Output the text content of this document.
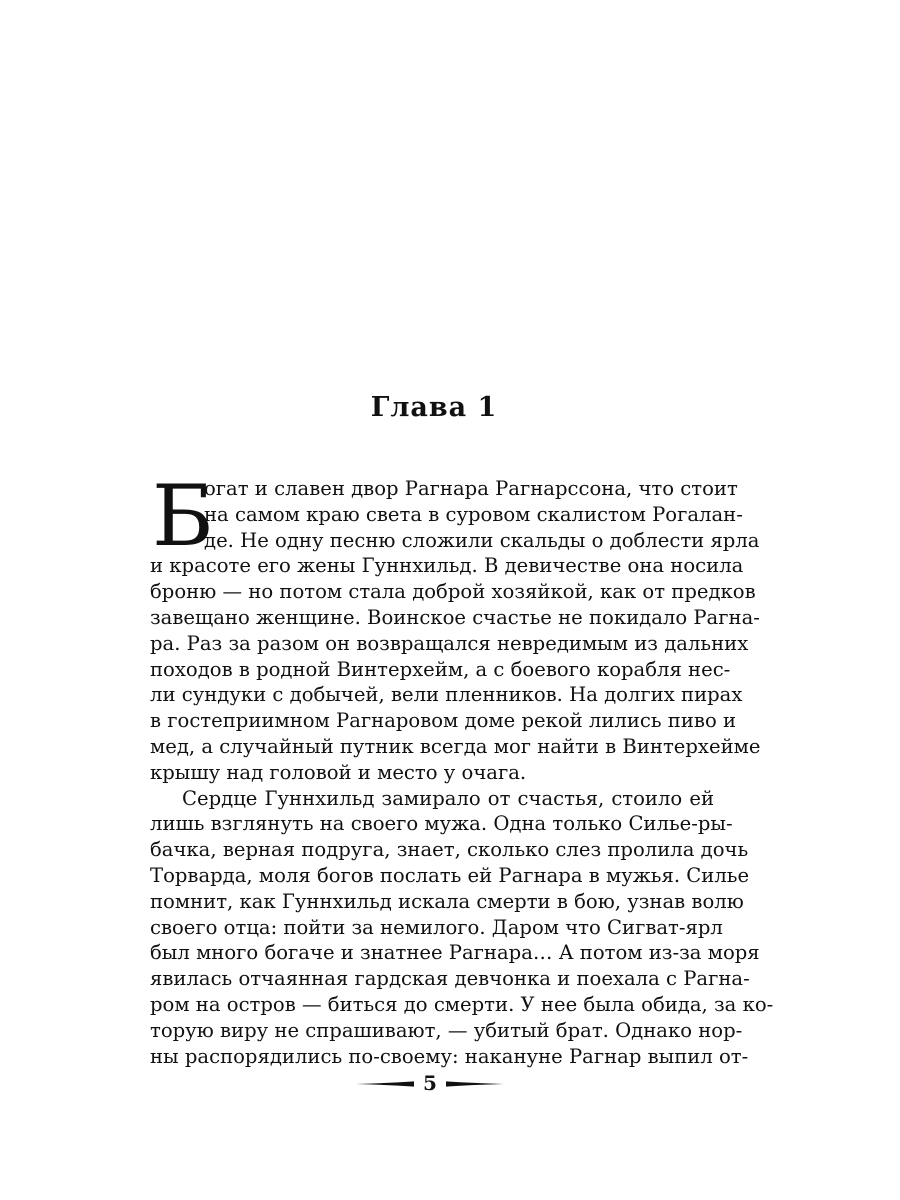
Глава 1
Б
огат и славен двор Рагнара Рагнарссона, что стоит
на самом краю света в суровом скалистом Рогалан-
де. Не одну песню сложили скальды о доблести ярла
и красоте его жены Гуннхильд. В девичестве она носила
броню — но потом стала доброй хозяйкой, как от предков
завещано женщине. Воинское счастье не покидало Рагна-
ра. Раз за разом он возвращался невредимым из дальних
походов в родной Винтерхейм, а с боевого корабля нес-
ли сундуки с добычей, вели пленников. На долгих пирах
в гостеприимном Рагнаровом доме рекой лились пиво и
мед, а случайный путник всегда мог найти в Винтерхейме
крышу над головой и место у очага.
Сердце Гуннхильд замирало от счастья, стоило ей
лишь взглянуть на своего мужа. Одна только Силье-ры-
бачка, верная подруга, знает, сколько слез пролила дочь
Торварда, моля богов послать ей Рагнара в мужья. Силье
помнит, как Гуннхильд искала смерти в бою, узнав волю
своего отца: пойти за немилого. Даром что Сигват-ярл
был много богаче и знатнее Рагнара… А потом из-за моря
явилась отчаянная гардская девчонка и поехала с Рагна-
ром на остров — биться до смерти. У нее была обида, за ко-
торую виру не спрашивают, — убитый брат. Однако нор-
ны распорядились по-своему: накануне Рагнар выпил от-
5
